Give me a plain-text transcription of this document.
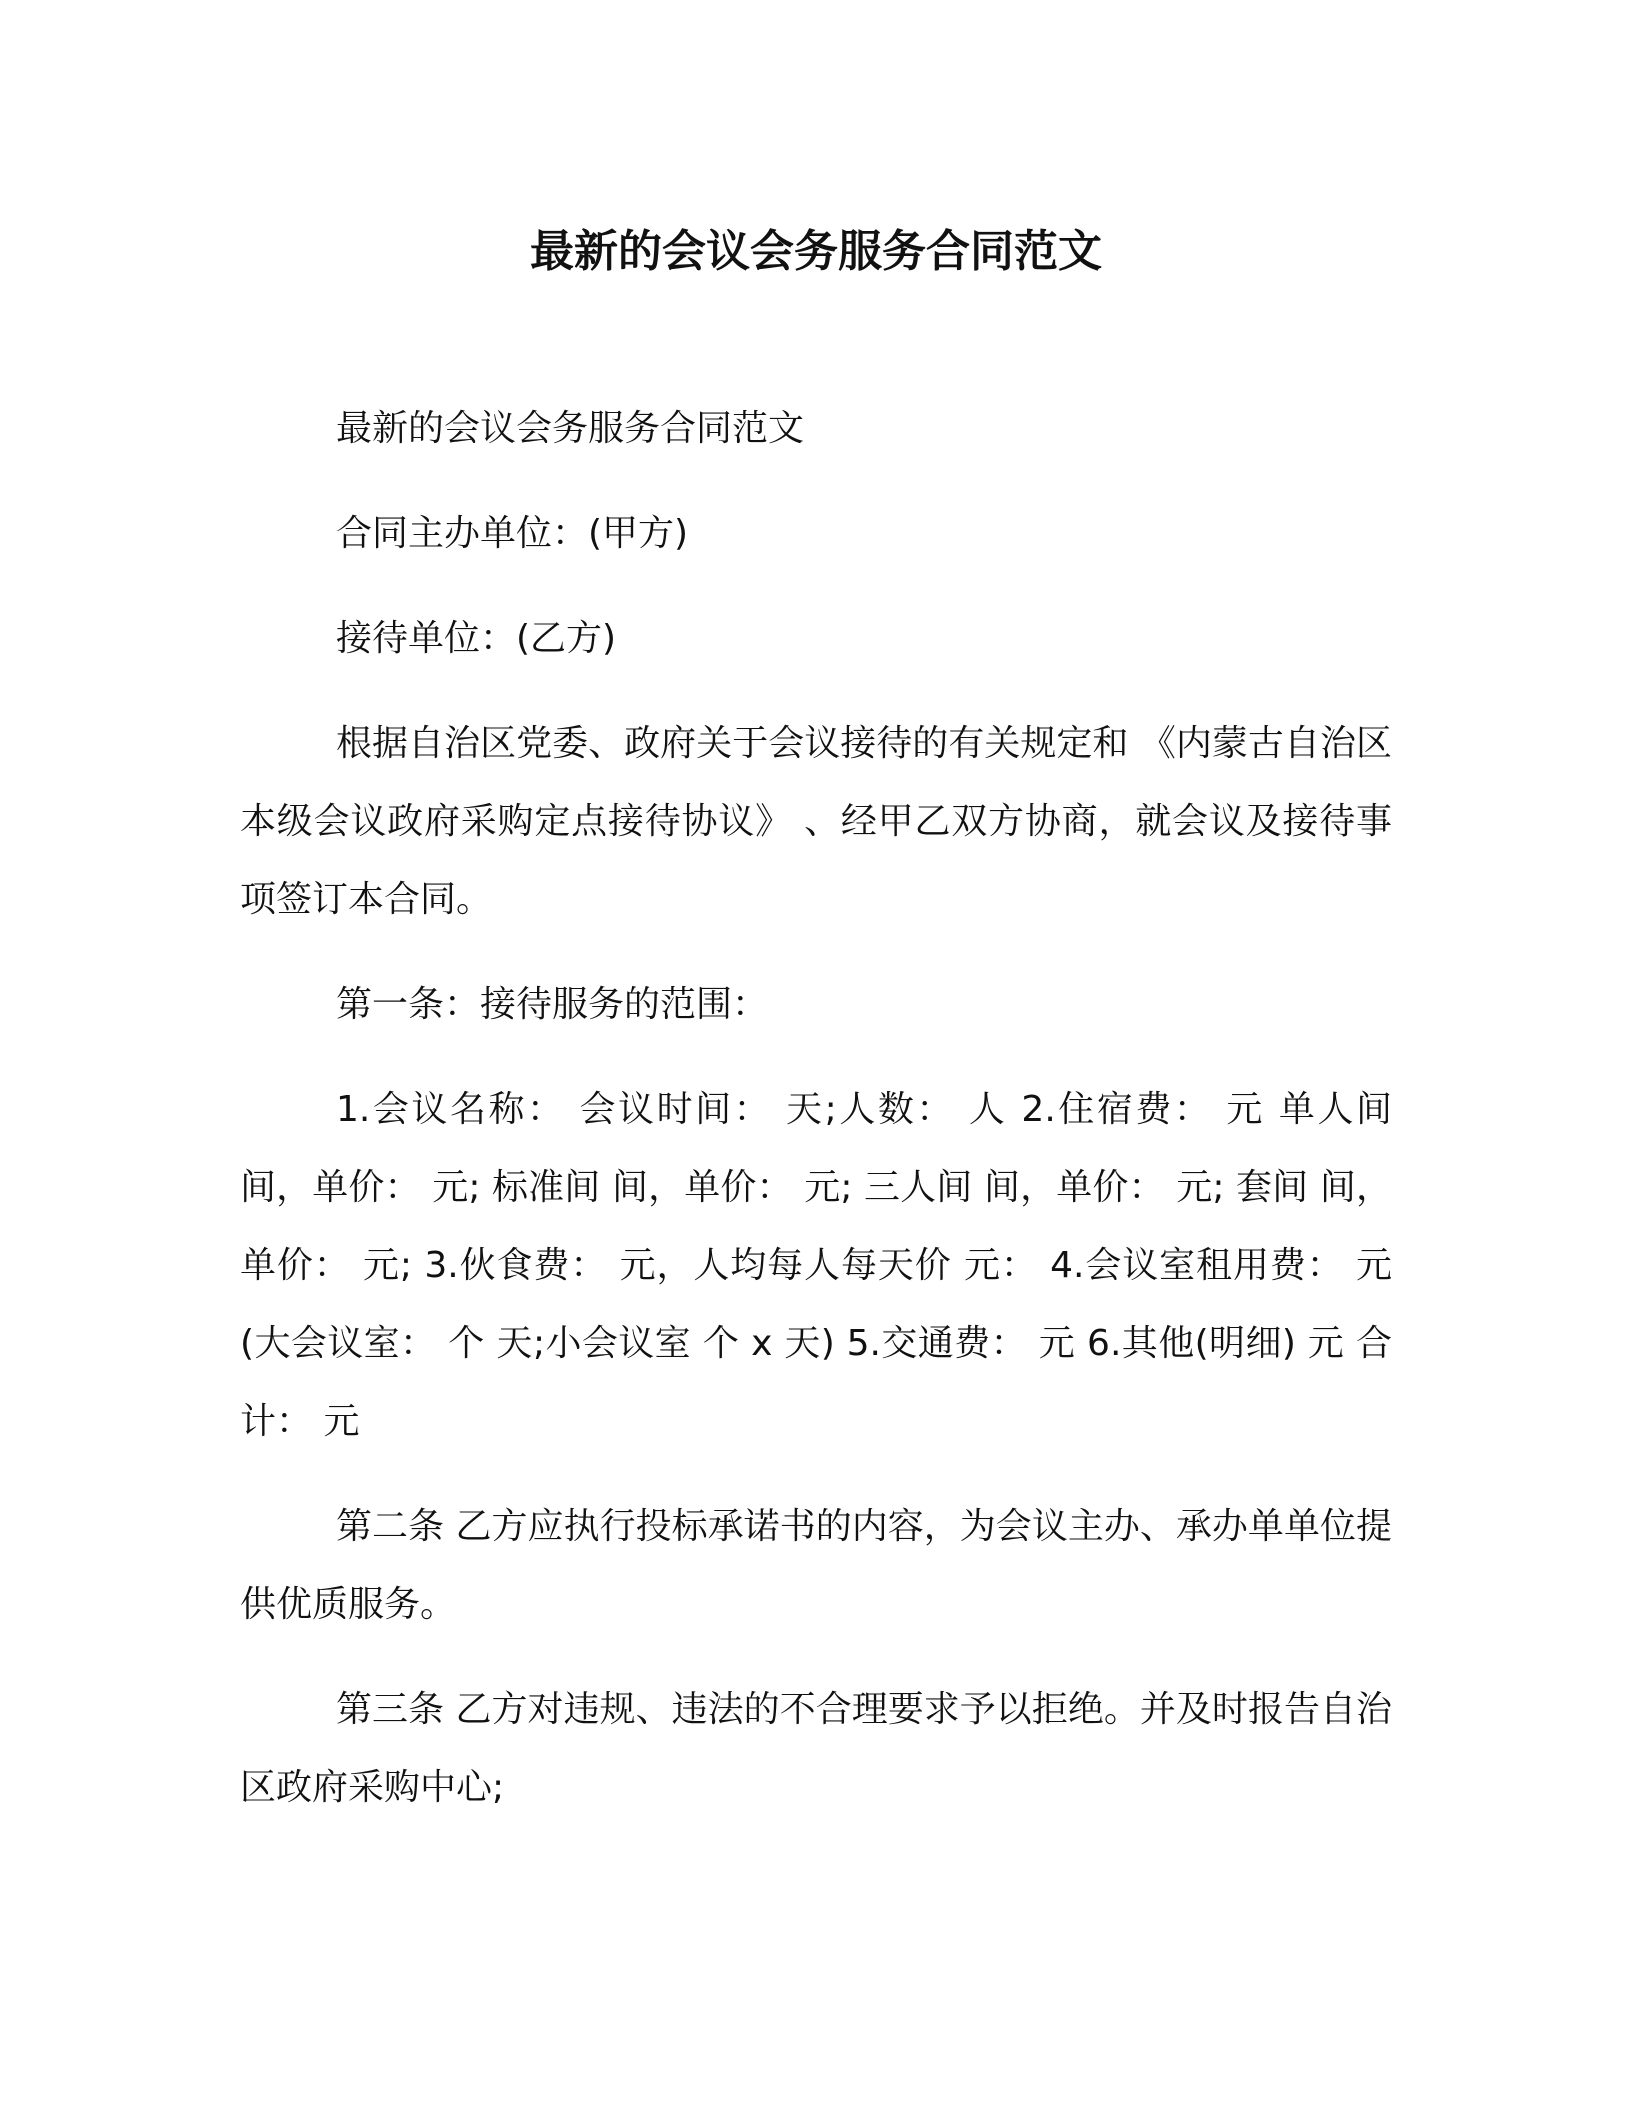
最新的会议会务服务合同范文

最新的会议会务服务合同范文

合同主办单位：(甲方)

接待单位：(乙方)

根据自治区党委、政府关于会议接待的有关规定和 《内蒙古自治区本级会议政府采购定点接待协议》 、经甲乙双方协商，就会议及接待事项签订本合同。

第一条：接待服务的范围：

1.会议名称： 会议时间： 天;人数： 人 2.住宿费： 元 单人间 间，单价： 元; 标准间 间，单价： 元; 三人间 间，单价： 元; 套间 间，单价： 元; 3.伙食费： 元，人均每人每天价 元： 4.会议室租用费： 元 (大会议室： 个 天;小会议室 个 x 天) 5.交通费： 元 6.其他(明细) 元 合计： 元

第二条 乙方应执行投标承诺书的内容，为会议主办、承办单单位提供优质服务。

第三条 乙方对违规、违法的不合理要求予以拒绝。并及时报告自治区政府采购中心;
